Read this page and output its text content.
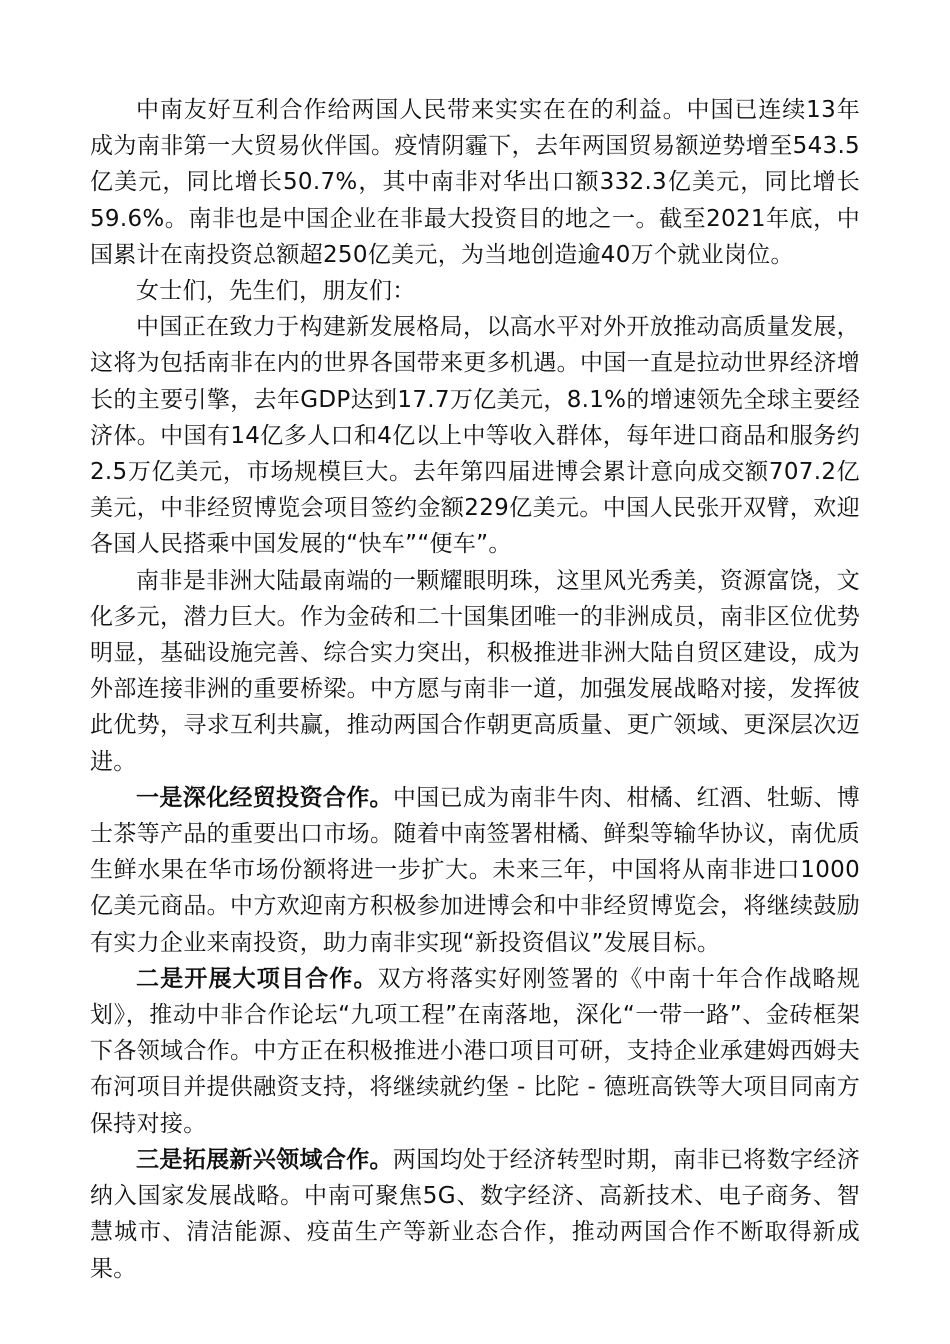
中南友好互利合作给两国人民带来实实在在的利益。中国已连续13年成为南非第一大贸易伙伴国。疫情阴霾下，去年两国贸易额逆势增至543.5亿美元，同比增长50.7%，其中南非对华出口额332.3亿美元，同比增长59.6%。南非也是中国企业在非最大投资目的地之一。截至2021年底，中国累计在南投资总额超250亿美元，为当地创造逾40万个就业岗位。

女士们，先生们，朋友们：

中国正在致力于构建新发展格局，以高水平对外开放推动高质量发展，这将为包括南非在内的世界各国带来更多机遇。中国一直是拉动世界经济增长的主要引擎，去年GDP达到17.7万亿美元，8.1%的增速领先全球主要经济体。中国有14亿多人口和4亿以上中等收入群体，每年进口商品和服务约2.5万亿美元，市场规模巨大。去年第四届进博会累计意向成交额707.2亿美元，中非经贸博览会项目签约金额229亿美元。中国人民张开双臂，欢迎各国人民搭乘中国发展的“快车”“便车”。

南非是非洲大陆最南端的一颗耀眼明珠，这里风光秀美，资源富饶，文化多元，潜力巨大。作为金砖和二十国集团唯一的非洲成员，南非区位优势明显，基础设施完善、综合实力突出，积极推进非洲大陆自贸区建设，成为外部连接非洲的重要桥梁。中方愿与南非一道，加强发展战略对接，发挥彼此优势，寻求互利共赢，推动两国合作朝更高质量、更广领域、更深层次迈进。

一是深化经贸投资合作。中国已成为南非牛肉、柑橘、红酒、牡蛎、博士茶等产品的重要出口市场。随着中南签署柑橘、鲜梨等输华协议，南优质生鲜水果在华市场份额将进一步扩大。未来三年，中国将从南非进口1000亿美元商品。中方欢迎南方积极参加进博会和中非经贸博览会，将继续鼓励有实力企业来南投资，助力南非实现“新投资倡议”发展目标。

二是开展大项目合作。双方将落实好刚签署的《中南十年合作战略规划》，推动中非合作论坛“九项工程”在南落地，深化“一带一路”、金砖框架下各领域合作。中方正在积极推进小港口项目可研，支持企业承建姆西姆夫布河项目并提供融资支持，将继续就约堡 - 比陀 - 德班高铁等大项目同南方保持对接。

三是拓展新兴领域合作。两国均处于经济转型时期，南非已将数字经济纳入国家发展战略。中南可聚焦5G、数字经济、高新技术、电子商务、智慧城市、清洁能源、疫苗生产等新业态合作，推动两国合作不断取得新成果。
